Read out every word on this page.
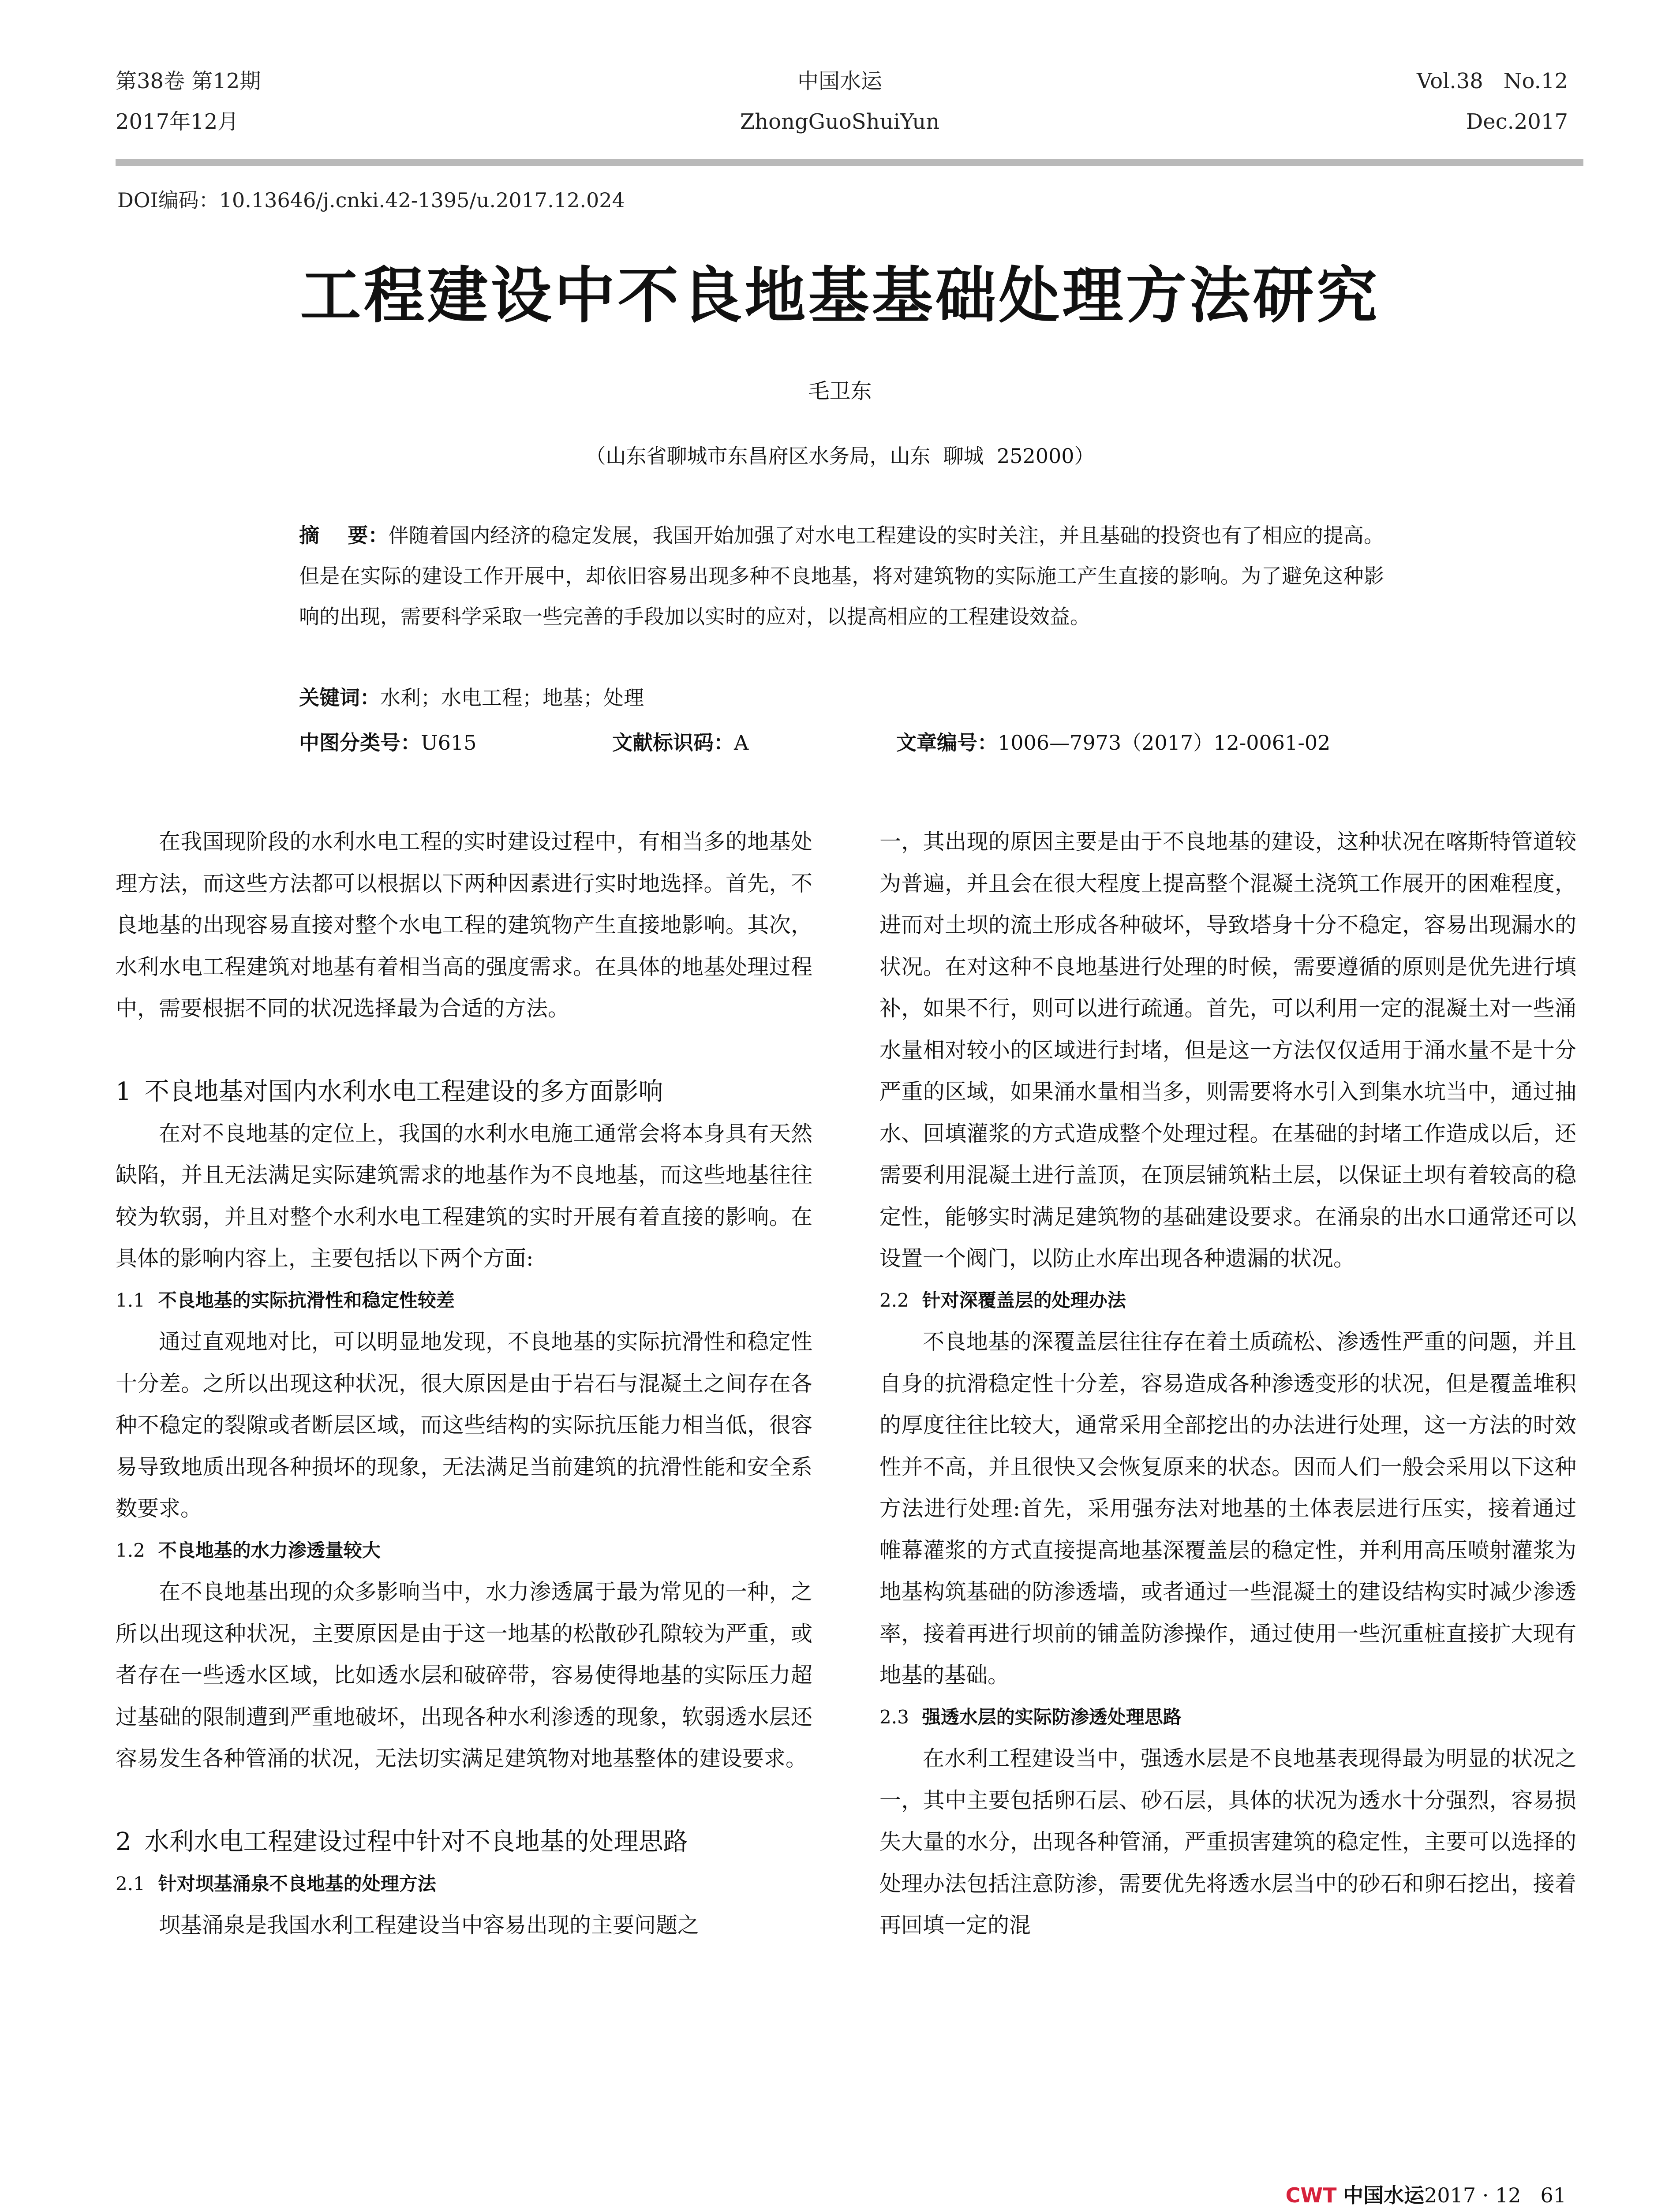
第38卷 第12期
2017年12月
中国水运
ZhongGuoShuiYun
Vol.38   No.12
Dec.2017
DOI编码：10.13646/j.cnki.42-1395/u.2017.12.024
工程建设中不良地基基础处理方法研究
毛卫东
（山东省聊城市东昌府区水务局，山东  聊城  252000）
摘    要：伴随着国内经济的稳定发展，我国开始加强了对水电工程建设的实时关注，并且基础的投资也有了相应的提高。但是在实际的建设工作开展中，却依旧容易出现多种不良地基，将对建筑物的实际施工产生直接的影响。为了避免这种影响的出现，需要科学采取一些完善的手段加以实时的应对，以提高相应的工程建设效益。
关键词：水利；水电工程；地基；处理
中图分类号：U615	文献标识码：A	文章编号：1006—7973（2017）12-0061-02

在我国现阶段的水利水电工程的实时建设过程中，有相当多的地基处理方法，而这些方法都可以根据以下两种因素进行实时地选择。首先，不良地基的出现容易直接对整个水电工程的建筑物产生直接地影响。其次，水利水电工程建筑对地基有着相当高的强度需求。在具体的地基处理过程中，需要根据不同的状况选择最为合适的方法。

1 不良地基对国内水利水电工程建设的多方面影响

在对不良地基的定位上，我国的水利水电施工通常会将本身具有天然缺陷，并且无法满足实际建筑需求的地基作为不良地基，而这些地基往往较为软弱，并且对整个水利水电工程建筑的实时开展有着直接的影响。在具体的影响内容上，主要包括以下两个方面:

1.1 不良地基的实际抗滑性和稳定性较差

通过直观地对比，可以明显地发现，不良地基的实际抗滑性和稳定性十分差。之所以出现这种状况，很大原因是由于岩石与混凝土之间存在各种不稳定的裂隙或者断层区域，而这些结构的实际抗压能力相当低，很容易导致地质出现各种损坏的现象，无法满足当前建筑的抗滑性能和安全系数要求。

1.2 不良地基的水力渗透量较大

在不良地基出现的众多影响当中，水力渗透属于最为常见的一种，之所以出现这种状况，主要原因是由于这一地基的松散砂孔隙较为严重，或者存在一些透水区域，比如透水层和破碎带，容易使得地基的实际压力超过基础的限制遭到严重地破坏，出现各种水利渗透的现象，软弱透水层还容易发生各种管涌的状况，无法切实满足建筑物对地基整体的建设要求。

2 水利水电工程建设过程中针对不良地基的处理思路
2.1 针对坝基涌泉不良地基的处理方法

坝基涌泉是我国水利工程建设当中容易出现的主要问题之

一，其出现的原因主要是由于不良地基的建设，这种状况在喀斯特管道较为普遍，并且会在很大程度上提高整个混凝土浇筑工作展开的困难程度，进而对土坝的流土形成各种破坏，导致塔身十分不稳定，容易出现漏水的状况。在对这种不良地基进行处理的时候，需要遵循的原则是优先进行填补，如果不行，则可以进行疏通。首先，可以利用一定的混凝土对一些涌水量相对较小的区域进行封堵，但是这一方法仅仅适用于涌水量不是十分严重的区域，如果涌水量相当多，则需要将水引入到集水坑当中，通过抽水、回填灌浆的方式造成整个处理过程。在基础的封堵工作造成以后，还需要利用混凝土进行盖顶，在顶层铺筑粘土层，以保证土坝有着较高的稳定性，能够实时满足建筑物的基础建设要求。在涌泉的出水口通常还可以设置一个阀门，以防止水库出现各种遗漏的状况。

2.2 针对深覆盖层的处理办法

不良地基的深覆盖层往往存在着土质疏松、渗透性严重的问题，并且自身的抗滑稳定性十分差，容易造成各种渗透变形的状况，但是覆盖堆积的厚度往往比较大，通常采用全部挖出的办法进行处理，这一方法的时效性并不高，并且很快又会恢复原来的状态。因而人们一般会采用以下这种方法进行处理:首先，采用强夯法对地基的土体表层进行压实，接着通过帷幕灌浆的方式直接提高地基深覆盖层的稳定性，并利用高压喷射灌浆为地基构筑基础的防渗透墙，或者通过一些混凝土的建设结构实时减少渗透率，接着再进行坝前的铺盖防渗操作，通过使用一些沉重桩直接扩大现有地基的基础。

2.3 强透水层的实际防渗透处理思路

在水利工程建设当中，强透水层是不良地基表现得最为明显的状况之一，其中主要包括卵石层、砂石层，具体的状况为透水十分强烈，容易损失大量的水分，出现各种管涌，严重损害建筑的稳定性，主要可以选择的处理办法包括注意防渗，需要优先将透水层当中的砂石和卵石挖出，接着再回填一定的混

CWT 中国水运2017 · 12 61
